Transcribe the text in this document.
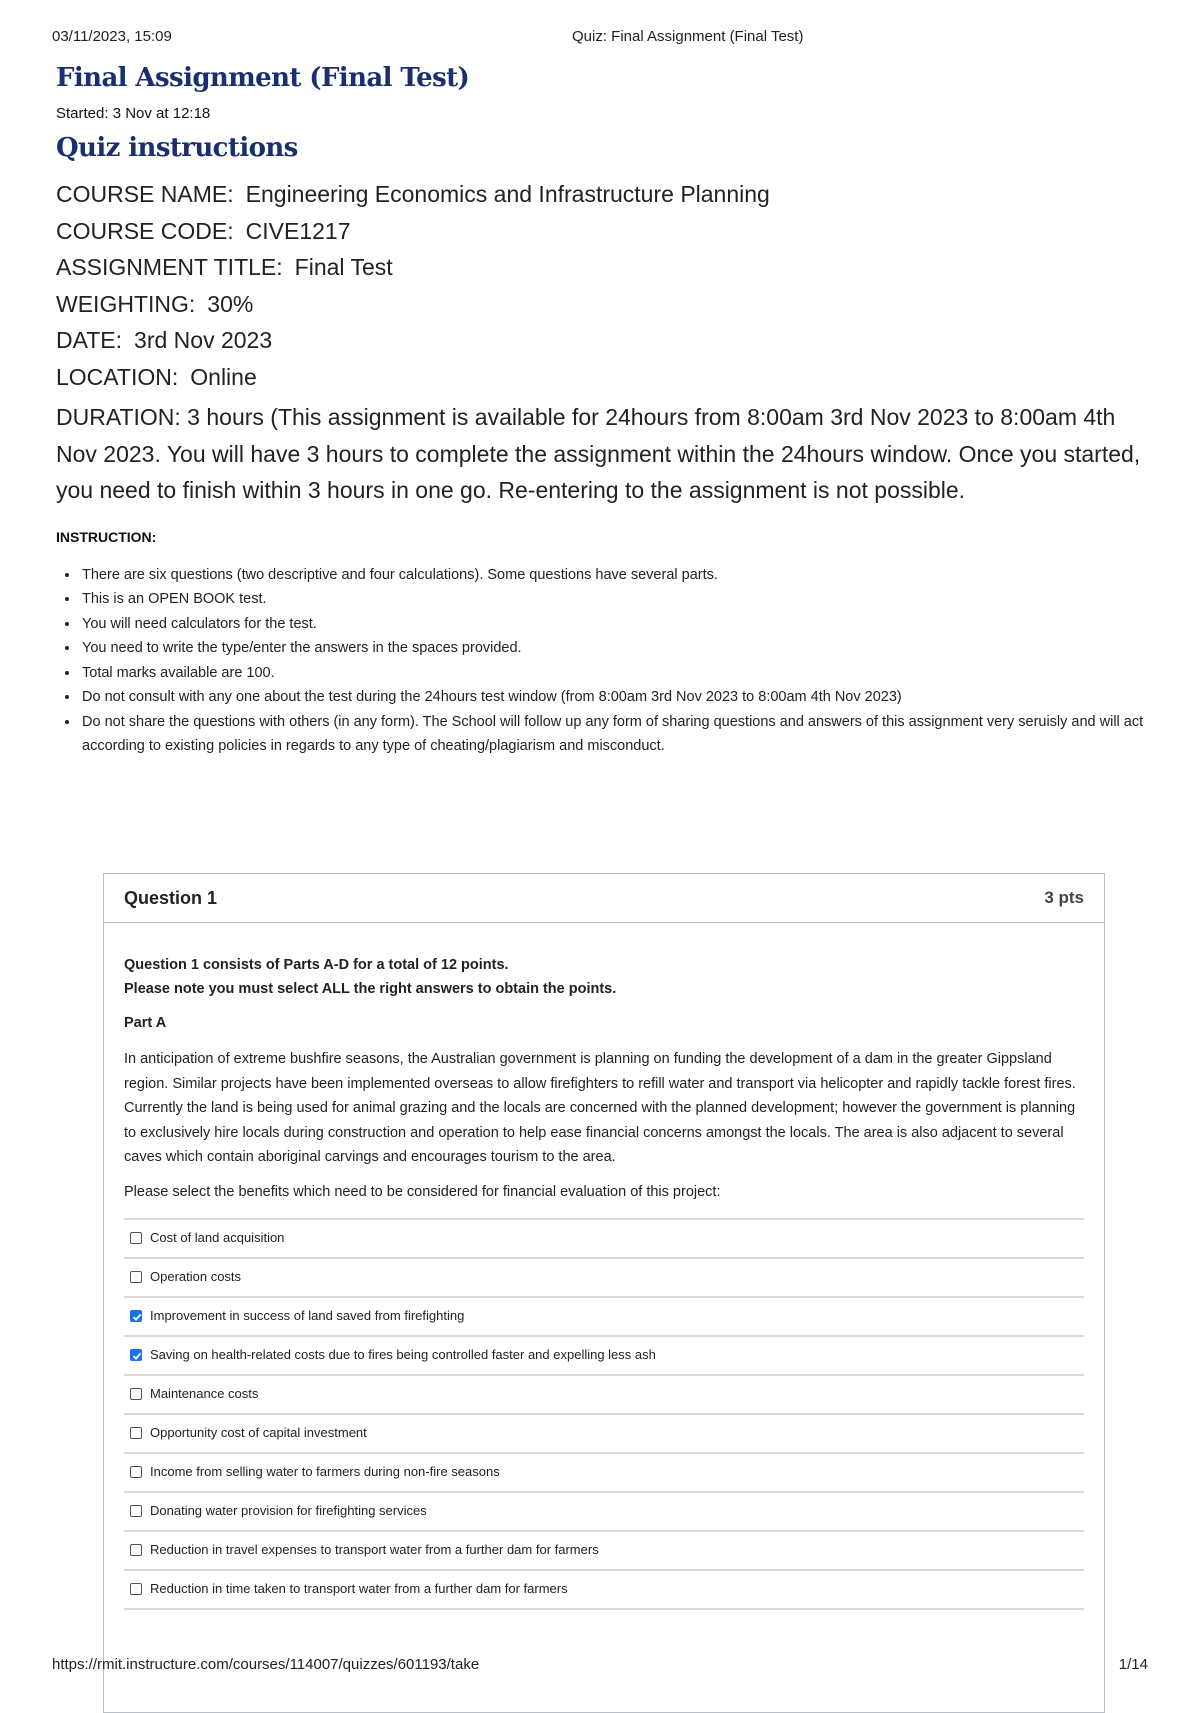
03/11/2023, 15:09	Quiz: Final Assignment (Final Test)
Final Assignment (Final Test)
Started: 3 Nov at 12:18
Quiz instructions
COURSE NAME: Engineering Economics and Infrastructure Planning
COURSE CODE: CIVE1217
ASSIGNMENT TITLE: Final Test
WEIGHTING: 30%
DATE: 3rd Nov 2023
LOCATION: Online
DURATION: 3 hours (This assignment is available for 24hours from 8:00am 3rd Nov 2023 to 8:00am 4th Nov 2023. You will have 3 hours to complete the assignment within the 24hours window. Once you started, you need to finish within 3 hours in one go. Re-entering to the assignment is not possible.
INSTRUCTION:
• There are six questions (two descriptive and four calculations). Some questions have several parts.
• This is an OPEN BOOK test.
• You will need calculators for the test.
• You need to write the type/enter the answers in the spaces provided.
• Total marks available are 100.
• Do not consult with any one about the test during the 24hours test window (from 8:00am 3rd Nov 2023 to 8:00am 4th Nov 2023)
• Do not share the questions with others (in any form). The School will follow up any form of sharing questions and answers of this assignment very seruisly and will act according to existing policies in regards to any type of cheating/plagiarism and misconduct.
Question 1	3 pts
Question 1 consists of Parts A-D for a total of 12 points.
Please note you must select ALL the right answers to obtain the points.
Part A
In anticipation of extreme bushfire seasons, the Australian government is planning on funding the development of a dam in the greater Gippsland region. Similar projects have been implemented overseas to allow firefighters to refill water and transport via helicopter and rapidly tackle forest fires. Currently the land is being used for animal grazing and the locals are concerned with the planned development; however the government is planning to exclusively hire locals during construction and operation to help ease financial concerns amongst the locals. The area is also adjacent to several caves which contain aboriginal carvings and encourages tourism to the area.
Please select the benefits which need to be considered for financial evaluation of this project:
Cost of land acquisition
Operation costs
Improvement in success of land saved from firefighting
Saving on health-related costs due to fires being controlled faster and expelling less ash
Maintenance costs
Opportunity cost of capital investment
Income from selling water to farmers during non-fire seasons
Donating water provision for firefighting services
Reduction in travel expenses to transport water from a further dam for farmers
Reduction in time taken to transport water from a further dam for farmers
https://rmit.instructure.com/courses/114007/quizzes/601193/take	1/14
